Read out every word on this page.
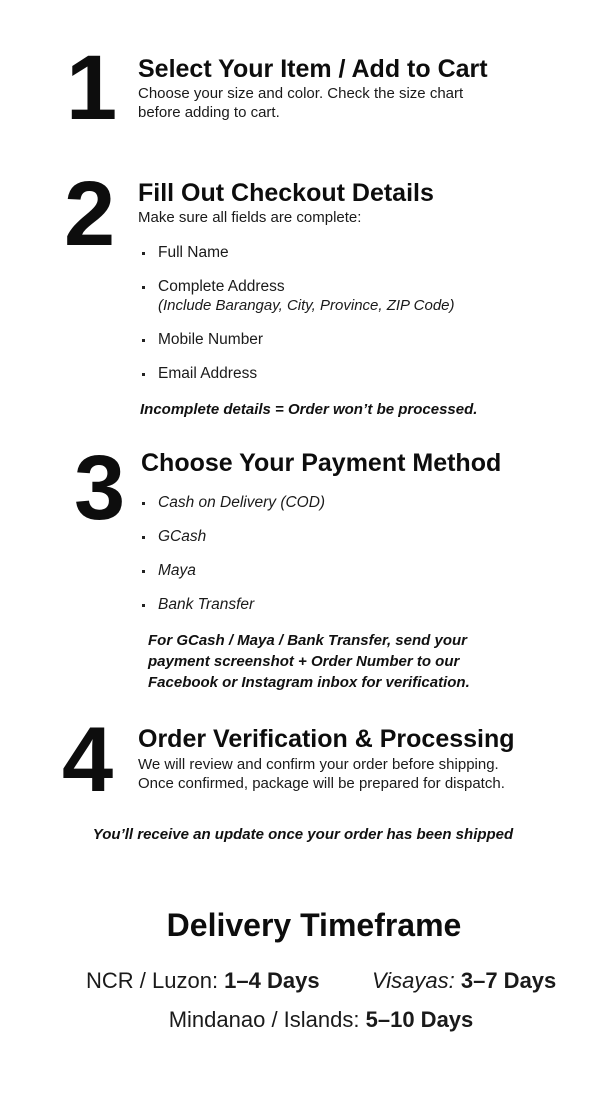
1 Select Your Item / Add to Cart
Choose your size and color. Check the size chart
before adding to cart.
2 Fill Out Checkout Details
Make sure all fields are complete:
Full Name
Complete Address
(Include Barangay, City, Province, ZIP Code)
Mobile Number
Email Address
Incomplete details = Order won’t be processed.
3 Choose Your Payment Method
Cash on Delivery (COD)
GCash
Maya
Bank Transfer
For GCash / Maya / Bank Transfer, send your
payment screenshot + Order Number to our
Facebook or Instagram inbox for verification.
4 Order Verification & Processing
We will review and confirm your order before shipping.
Once confirmed, package will be prepared for dispatch.
You’ll receive an update once your order has been shipped
Delivery Timeframe
NCR / Luzon: 1–4 Days Visayas: 3–7 Days
Mindanao / Islands: 5–10 Days
